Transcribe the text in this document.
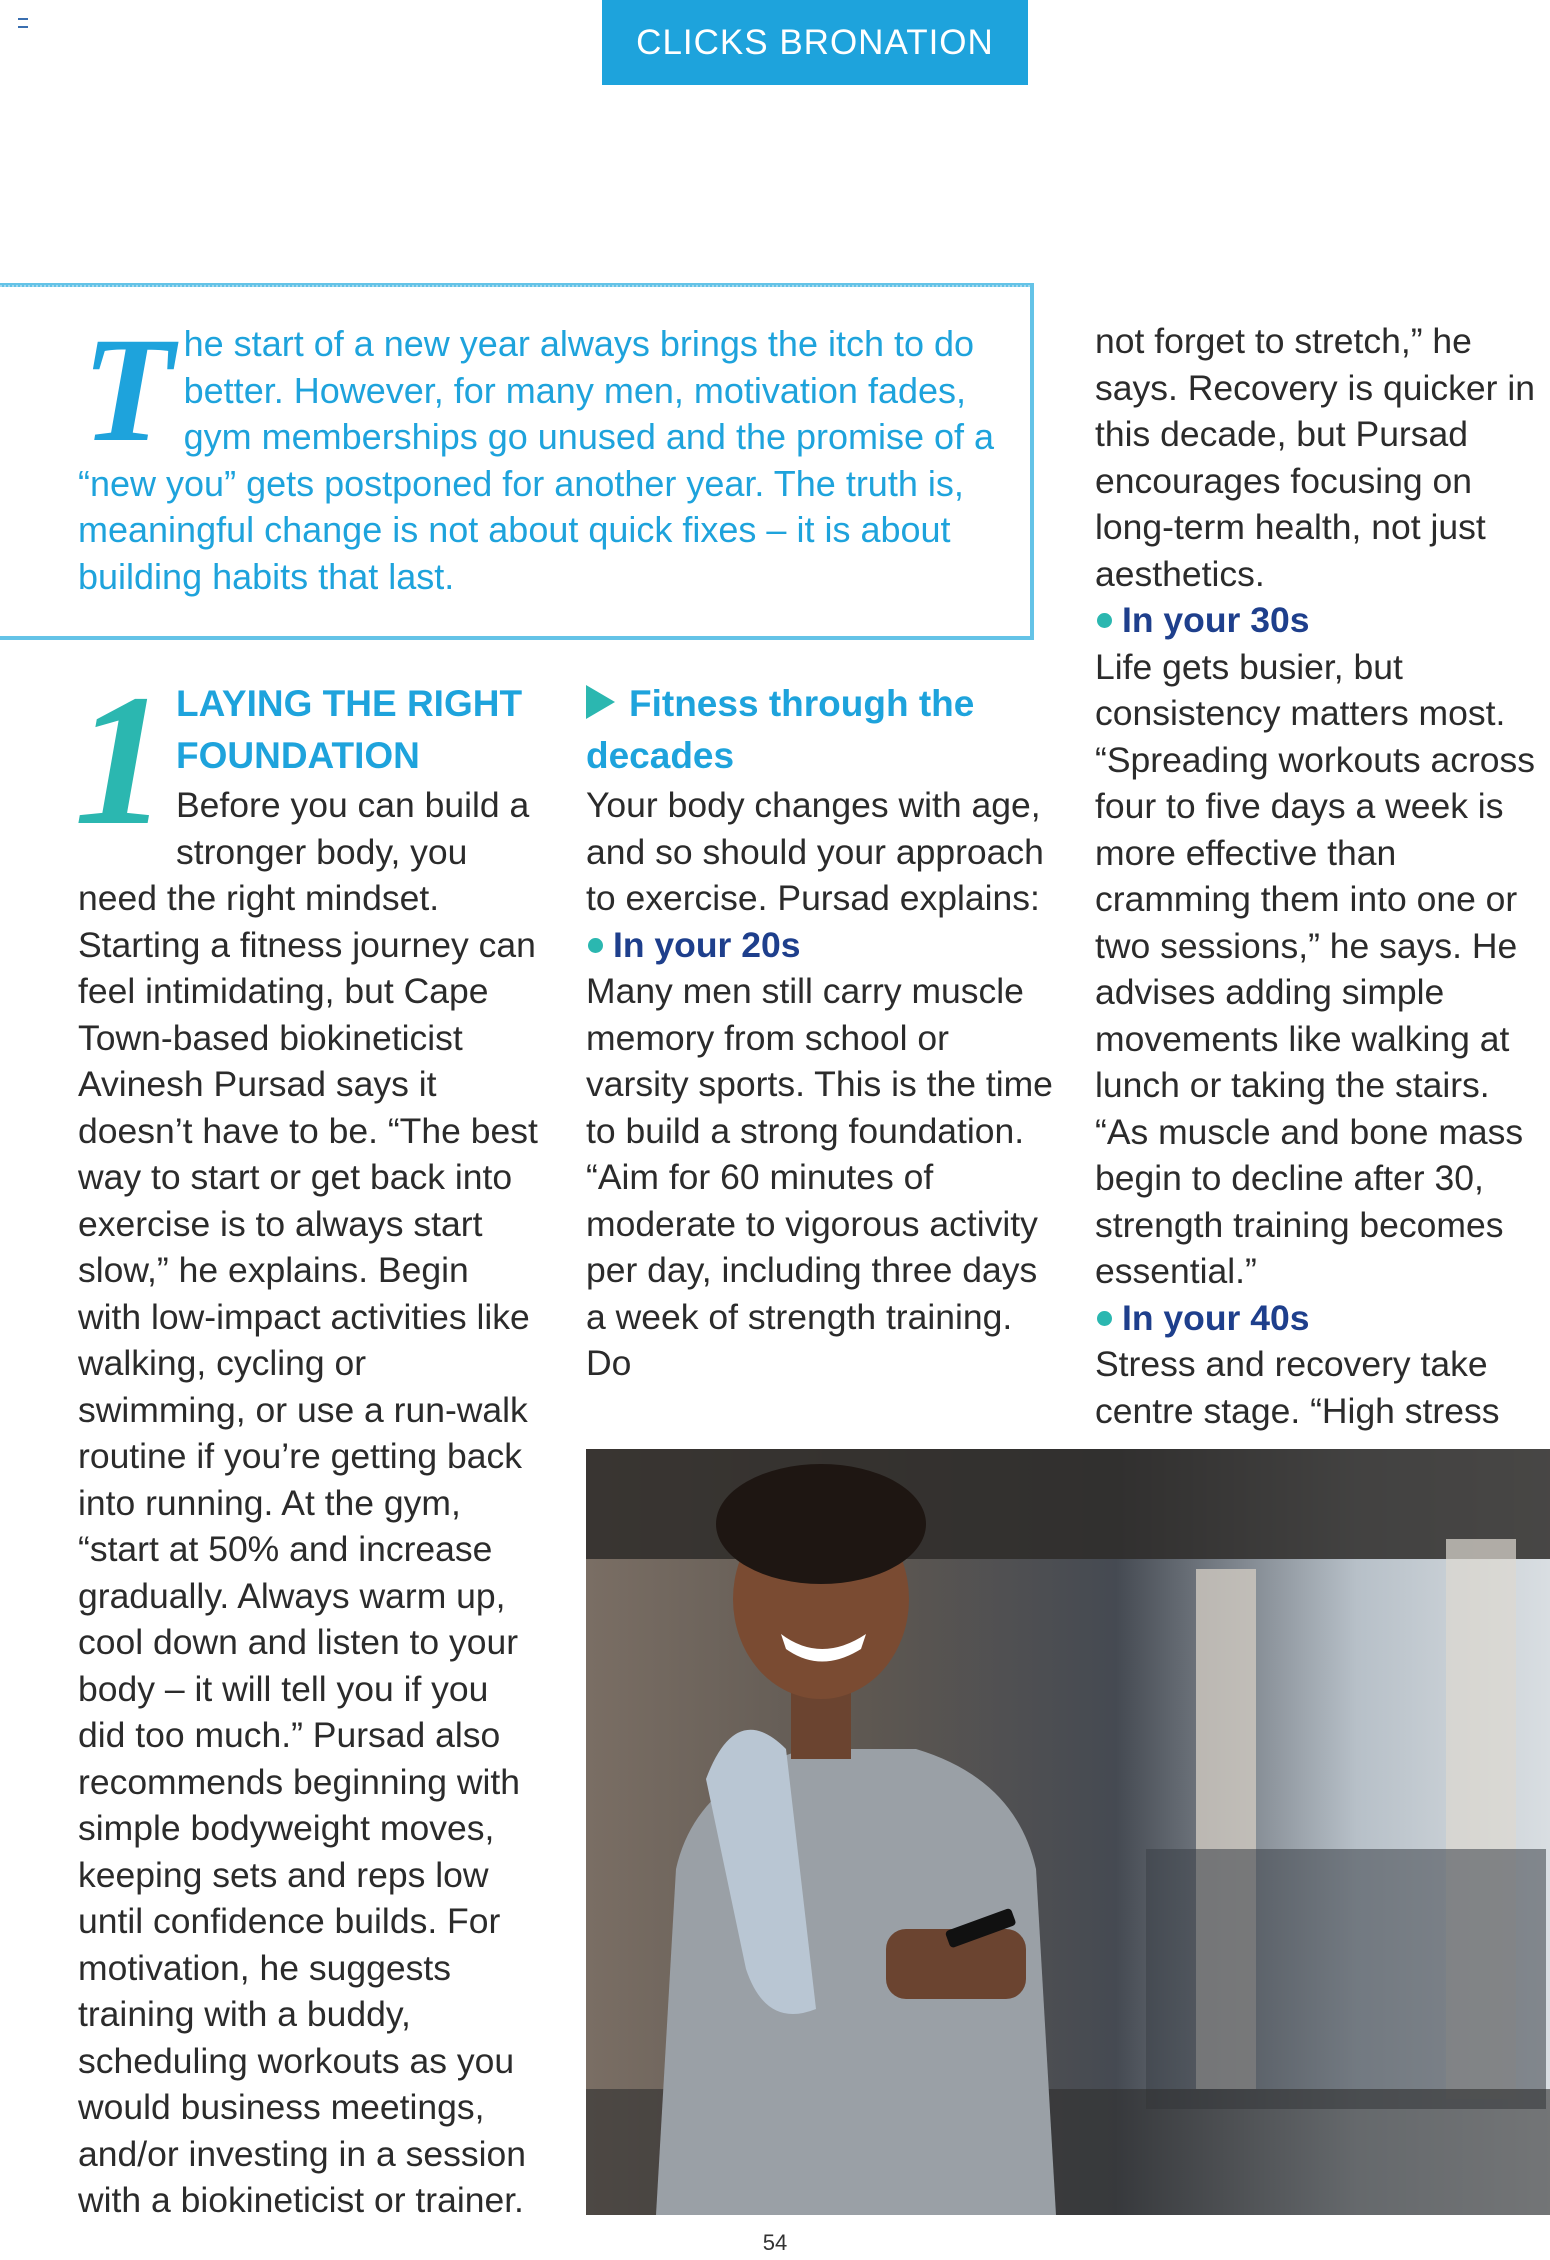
CLICKS BRONATION

The start of a new year always brings the itch to do better. However, for many men, motivation fades, gym memberships go unused and the promise of a “new you” gets postponed for another year. The truth is, meaningful change is not about quick fixes – it is about building habits that last.

1 LAYING THE RIGHT
FOUNDATION

Before you can build a stronger body, you need the right mindset. Starting a fitness journey can feel intimidating, but Cape Town-based biokineticist Avinesh Pursad says it doesn’t have to be. “The best way to start or get back into exercise is to always start slow,” he explains. Begin with low-impact activities like walking, cycling or swimming, or use a run-walk routine if you’re getting back into running. At the gym, “start at 50% and increase gradually. Always warm up, cool down and listen to your body – it will tell you if you did too much.” Pursad also recommends beginning with simple bodyweight moves, keeping sets and reps low until confidence builds. For motivation, he suggests training with a buddy, scheduling workouts as you would business meetings, and/or investing in a session with a biokineticist or trainer.

Fitness through the decades

Your body changes with age, and so should your approach to exercise. Pursad explains:

In your 20s

Many men still carry muscle memory from school or varsity sports. This is the time to build a strong foundation. “Aim for 60 minutes of moderate to vigorous activity per day, including three days a week of strength training. Do

not forget to stretch,” he says. Recovery is quicker in this decade, but Pursad encourages focusing on long-term health, not just aesthetics.

In your 30s

Life gets busier, but consistency matters most. “Spreading workouts across four to five days a week is more effective than cramming them into one or two sessions,” he says. He advises adding simple movements like walking at lunch or taking the stairs. “As muscle and bone mass begin to decline after 30, strength training becomes essential.”

In your 40s

Stress and recovery take centre stage. “High stress

54
